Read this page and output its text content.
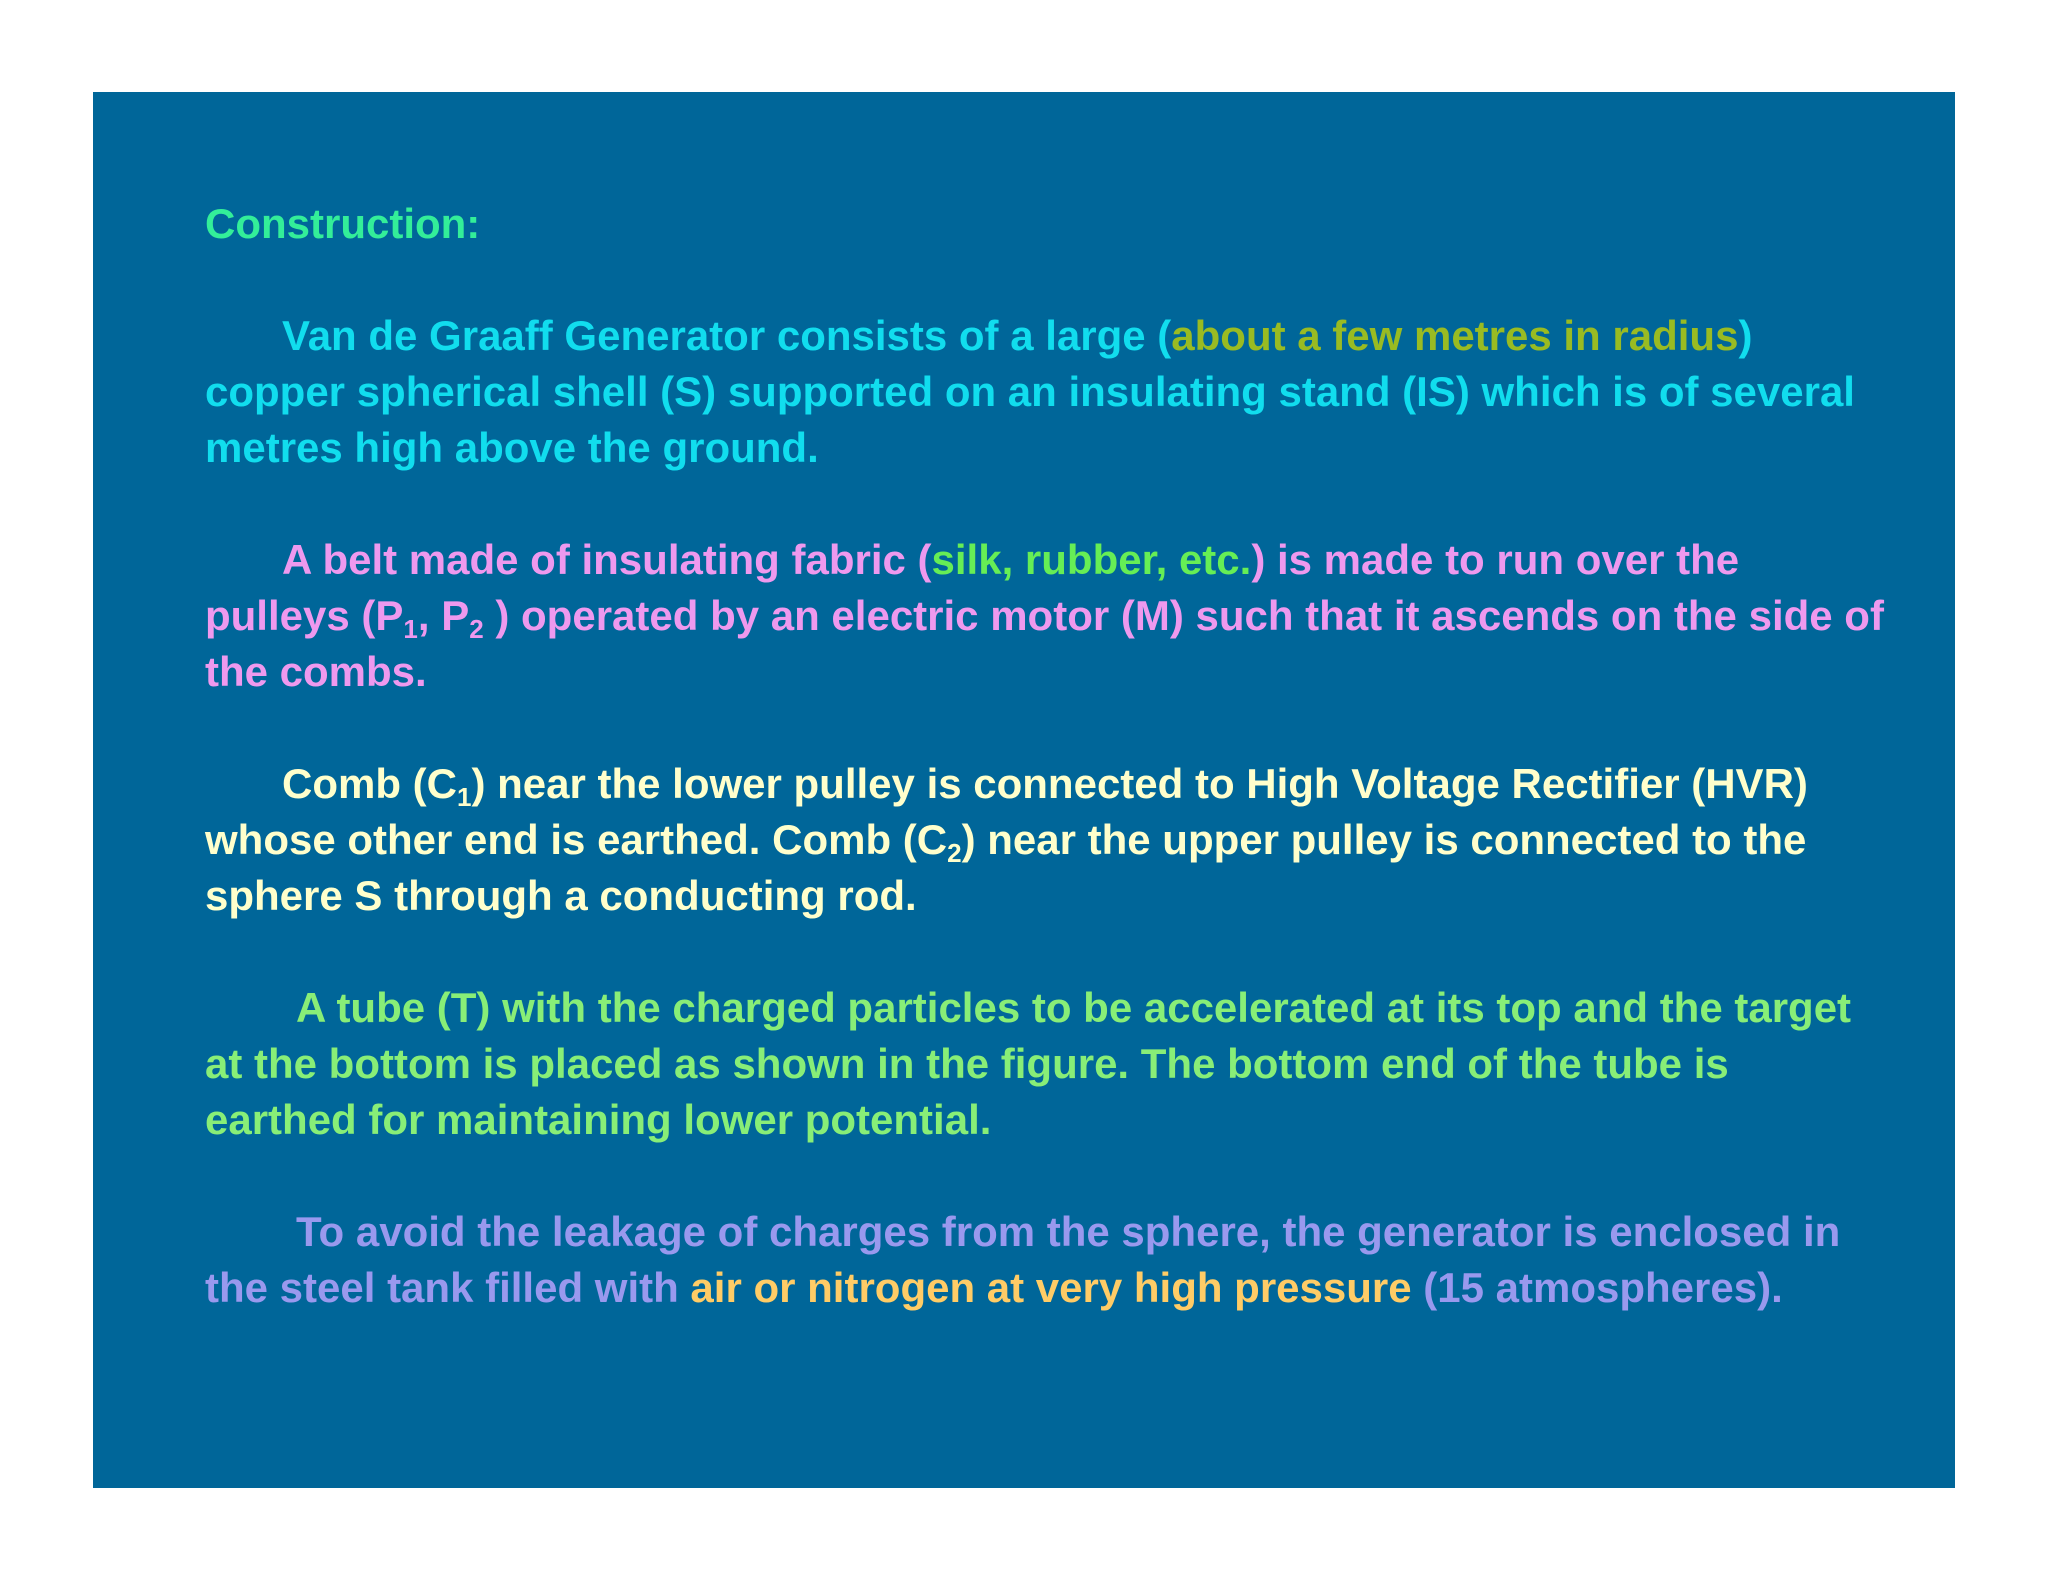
Construction:

Van de Graaff Generator consists of a large (about a few metres in radius) copper spherical shell (S) supported on an insulating stand (IS) which is of several metres high above the ground.

A belt made of insulating fabric (silk, rubber, etc.) is made to run over the pulleys ($P_1$, $P_2$ ) operated by an electric motor (M) such that it ascends on the side of the combs.

Comb $(C_1)$ near the lower pulley is connected to High Voltage Rectifier (HVR) whose other end is earthed. Comb $(C_2)$ near the upper pulley is connected to the sphere S through a conducting rod.

A tube (T) with the charged particles to be accelerated at its top and the target at the bottom is placed as shown in the figure. The bottom end of the tube is earthed for maintaining lower potential.

To avoid the leakage of charges from the sphere, the generator is enclosed in the steel tank filled with air or nitrogen at very high pressure (15 atmospheres).
